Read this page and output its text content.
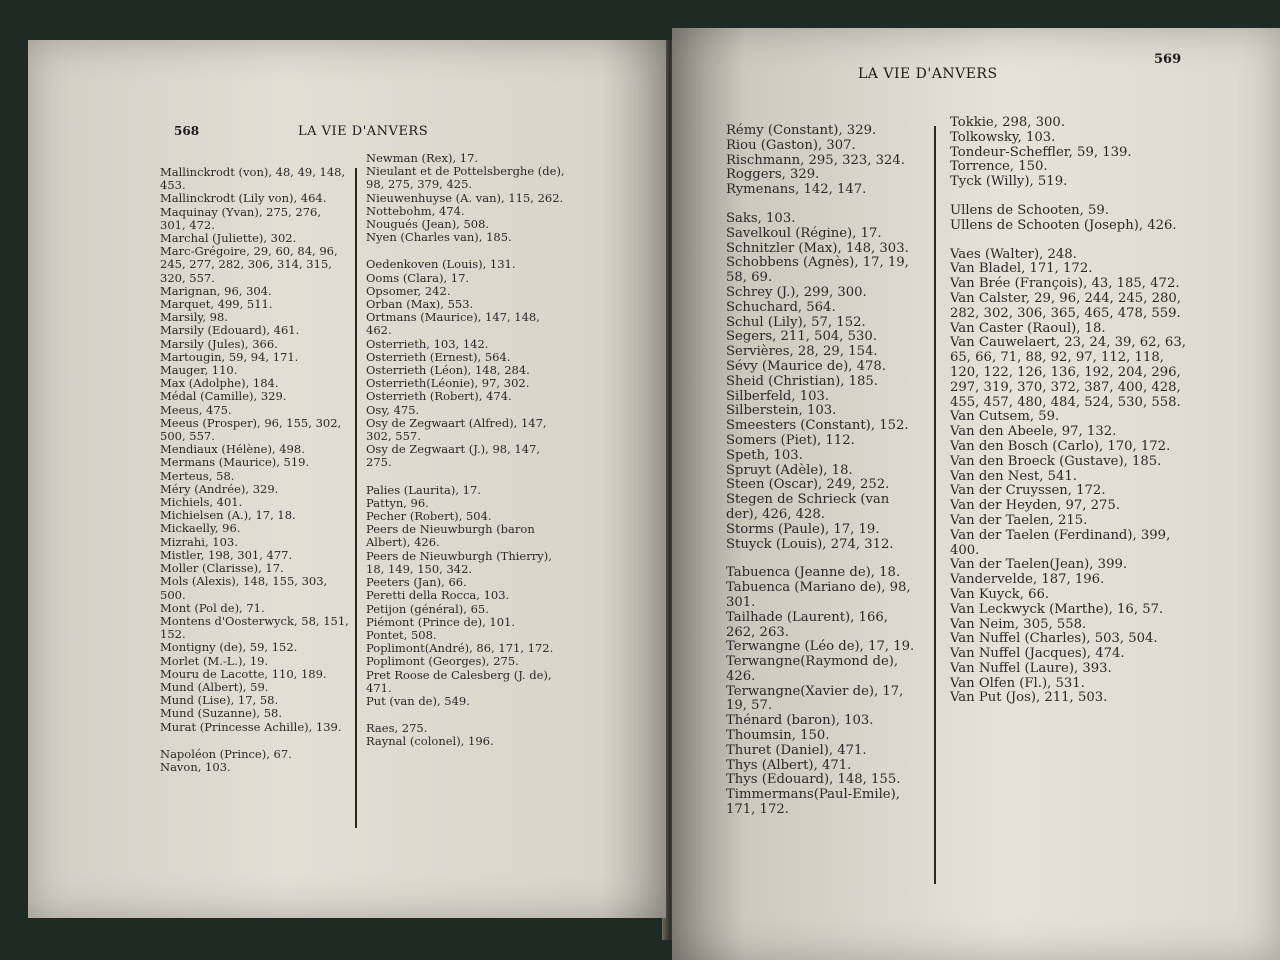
568	LA VIE D'ANVERS
Mallinckrodt (von), 48, 49, 148, 453.
Mallinckrodt (Lily von), 464.
Maquinay (Yvan), 275, 276, 301, 472.
Marchal (Juliette), 302.
Marc-Grégoire, 29, 60, 84, 96, 245, 277, 282, 306, 314, 315, 320, 557.
Marignan, 96, 304.
Marquet, 499, 511.
Marsily, 98.
Marsily (Edouard), 461.
Marsily (Jules), 366.
Martougin, 59, 94, 171.
Mauger, 110.
Max (Adolphe), 184.
Médal (Camille), 329.
Meeus, 475.
Meeus (Prosper), 96, 155, 302, 500, 557.
Mendiaux (Hélène), 498.
Mermans (Maurice), 519.
Merteus, 58.
Méry (Andrée), 329.
Michiels, 401.
Michielsen (A.), 17, 18.
Mickaelly, 96.
Mizrahi, 103.
Mistler, 198, 301, 477.
Moller (Clarisse), 17.
Mols (Alexis), 148, 155, 303, 500.
Mont (Pol de), 71.
Montens d'Oosterwyck, 58, 151, 152.
Montigny (de), 59, 152.
Morlet (M.-L.), 19.
Mouru de Lacotte, 110, 189.
Mund (Albert), 59.
Mund (Lise), 17, 58.
Mund (Suzanne), 58.
Murat (Princesse Achille), 139.
Napoléon (Prince), 67.
Navon, 103.
Newman (Rex), 17.
Nieulant et de Pottelsberghe (de), 98, 275, 379, 425.
Nieuwenhuyse (A. van), 115, 262.
Nottebohm, 474.
Nougués (Jean), 508.
Nyen (Charles van), 185.
Oedenkoven (Louis), 131.
Ooms (Clara), 17.
Opsomer, 242.
Orban (Max), 553.
Ortmans (Maurice), 147, 148, 462.
Osterrieth, 103, 142.
Osterrieth (Ernest), 564.
Osterrieth (Léon), 148, 284.
Osterrieth(Léonie), 97, 302.
Osterrieth (Robert), 474.
Osy, 475.
Osy de Zegwaart (Alfred), 147, 302, 557.
Osy de Zegwaart (J.), 98, 147, 275.
Palies (Laurita), 17.
Pattyn, 96.
Pecher (Robert), 504.
Peers de Nieuwburgh (baron Albert), 426.
Peers de Nieuwburgh (Thierry), 18, 149, 150, 342.
Peeters (Jan), 66.
Peretti della Rocca, 103.
Petijon (général), 65.
Piémont (Prince de), 101.
Pontet, 508.
Poplimont(André), 86, 171, 172.
Poplimont (Georges), 275.
Pret Roose de Calesberg (J. de), 471.
Put (van de), 549.
Raes, 275.
Raynal (colonel), 196.
LA VIE D'ANVERS
569
Rémy (Constant), 329.
Riou (Gaston), 307.
Rischmann, 295, 323, 324.
Roggers, 329.
Rymenans, 142, 147.
Saks, 103.
Savelkoul (Régine), 17.
Schnitzler (Max), 148, 303.
Schobbens (Agnès), 17, 19, 58, 69.
Schrey (J.), 299, 300.
Schuchard, 564.
Schul (Lily), 57, 152.
Segers, 211, 504, 530.
Servières, 28, 29, 154.
Sévy (Maurice de), 478.
Sheid (Christian), 185.
Silberfeld, 103.
Silberstein, 103.
Smeesters (Constant), 152.
Somers (Piet), 112.
Speth, 103.
Spruyt (Adèle), 18.
Steen (Oscar), 249, 252.
Stegen de Schrieck (van der), 426, 428.
Storms (Paule), 17, 19.
Stuyck (Louis), 274, 312.
Tabuenca (Jeanne de), 18.
Tabuenca (Mariano de), 98, 301.
Tailhade (Laurent), 166, 262, 263.
Terwangne (Léo de), 17, 19.
Terwangne(Raymond de), 426.
Terwangne(Xavier de), 17, 19, 57.
Thénard (baron), 103.
Thoumsin, 150.
Thuret (Daniel), 471.
Thys (Albert), 471.
Thys (Edouard), 148, 155.
Timmermans(Paul-Emile), 171, 172.
Tokkie, 298, 300.
Tolkowsky, 103.
Tondeur-Scheffler, 59, 139.
Torrence, 150.
Tyck (Willy), 519.
Ullens de Schooten, 59.
Ullens de Schooten (Joseph), 426.
Vaes (Walter), 248.
Van Bladel, 171, 172.
Van Brée (François), 43, 185, 472.
Van Calster, 29, 96, 244, 245, 280, 282, 302, 306, 365, 465, 478, 559.
Van Caster (Raoul), 18.
Van Cauwelaert, 23, 24, 39, 62, 63, 65, 66, 71, 88, 92, 97, 112, 118, 120, 122, 126, 136, 192, 204, 296, 297, 319, 370, 372, 387, 400, 428, 455, 457, 480, 484, 524, 530, 558.
Van Cutsem, 59.
Van den Abeele, 97, 132.
Van den Bosch (Carlo), 170, 172.
Van den Broeck (Gustave), 185.
Van den Nest, 541.
Van der Cruyssen, 172.
Van der Heyden, 97, 275.
Van der Taelen, 215.
Van der Taelen (Ferdinand), 399, 400.
Van der Taelen(Jean), 399.
Vandervelde, 187, 196.
Van Kuyck, 66.
Van Leckwyck (Marthe), 16, 57.
Van Neim, 305, 558.
Van Nuffel (Charles), 503, 504.
Van Nuffel (Jacques), 474.
Van Nuffel (Laure), 393.
Van Olfen (Fl.), 531.
Van Put (Jos), 211, 503.
